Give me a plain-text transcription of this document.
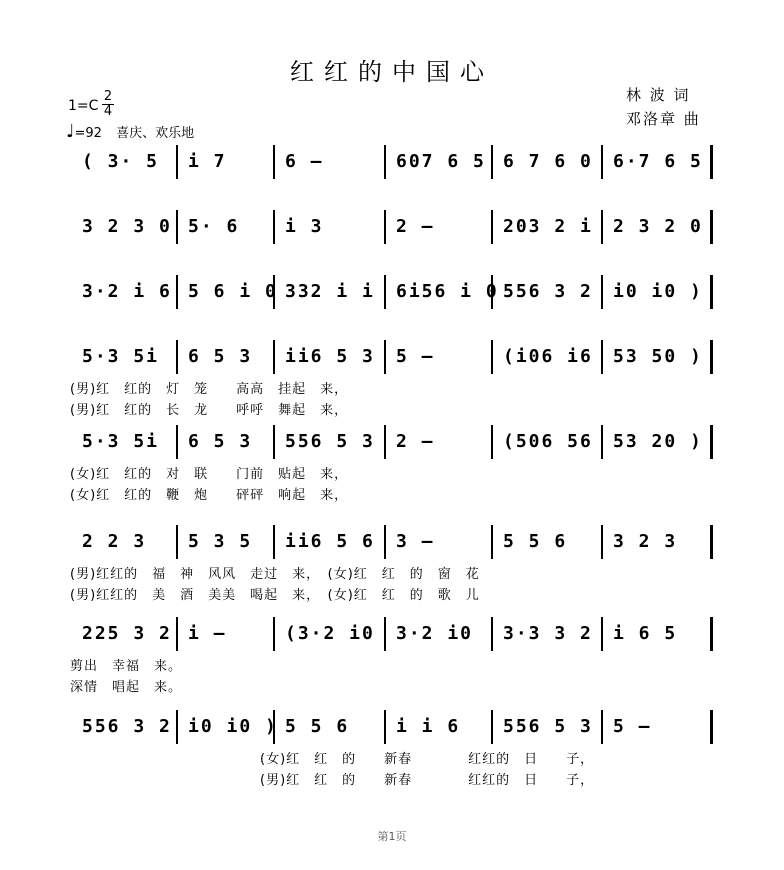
红红的中国心
林 波 词
邓洛章 曲
$1=C \frac{2}{4}$
♩=92 喜庆、欢乐地
( 3· 5 i 7	6 –	607 6 5 6 7 6 0 6·7 6 5
3 2 3 0 5· 6	i 3	2 –	203 2 i 2 3 2 0
3·2 i 6 5 6 i 0 332 i i 6i56 i 0 556 3 2 i0 i0 )
5·3 5i 6 5 3 ii6 5 3 5 –	(i06 i6 53 50 )
(男)红　红的　灯　笼　　高高　挂起　来，
(男)红　红的　长　龙　　呼呼　舞起　来，
5·3 5i 6 5 3 556 5 3 2 –	(506 56 53 20 )
(女)红　红的　对　联　　门前　贴起　来，
(女)红　红的　鞭　炮　　砰砰　响起　来，
2 2 3 5 3 5 ii6 5 6 3 –	5 5 6	3 2 3
(男)红红的　福　神　风风　走过　来，　(女)红　红　的　窗　花
(男)红红的　美　酒　美美　喝起　来，　(女)红　红　的　歌　儿
225 3 2 i –	(3·2 i0 3·2 i0 3·3 3 2 i 6 5
剪出　幸福　来。
深情　唱起　来。
556 3 2 i0 i0 ) 5 5 6	i i 6 556 5 3 5 –
(女)红　红　的　　新春　　　　红红的　日　　子，
(男)红　红　的　　新春　　　　红红的　日　　子，
第1页
